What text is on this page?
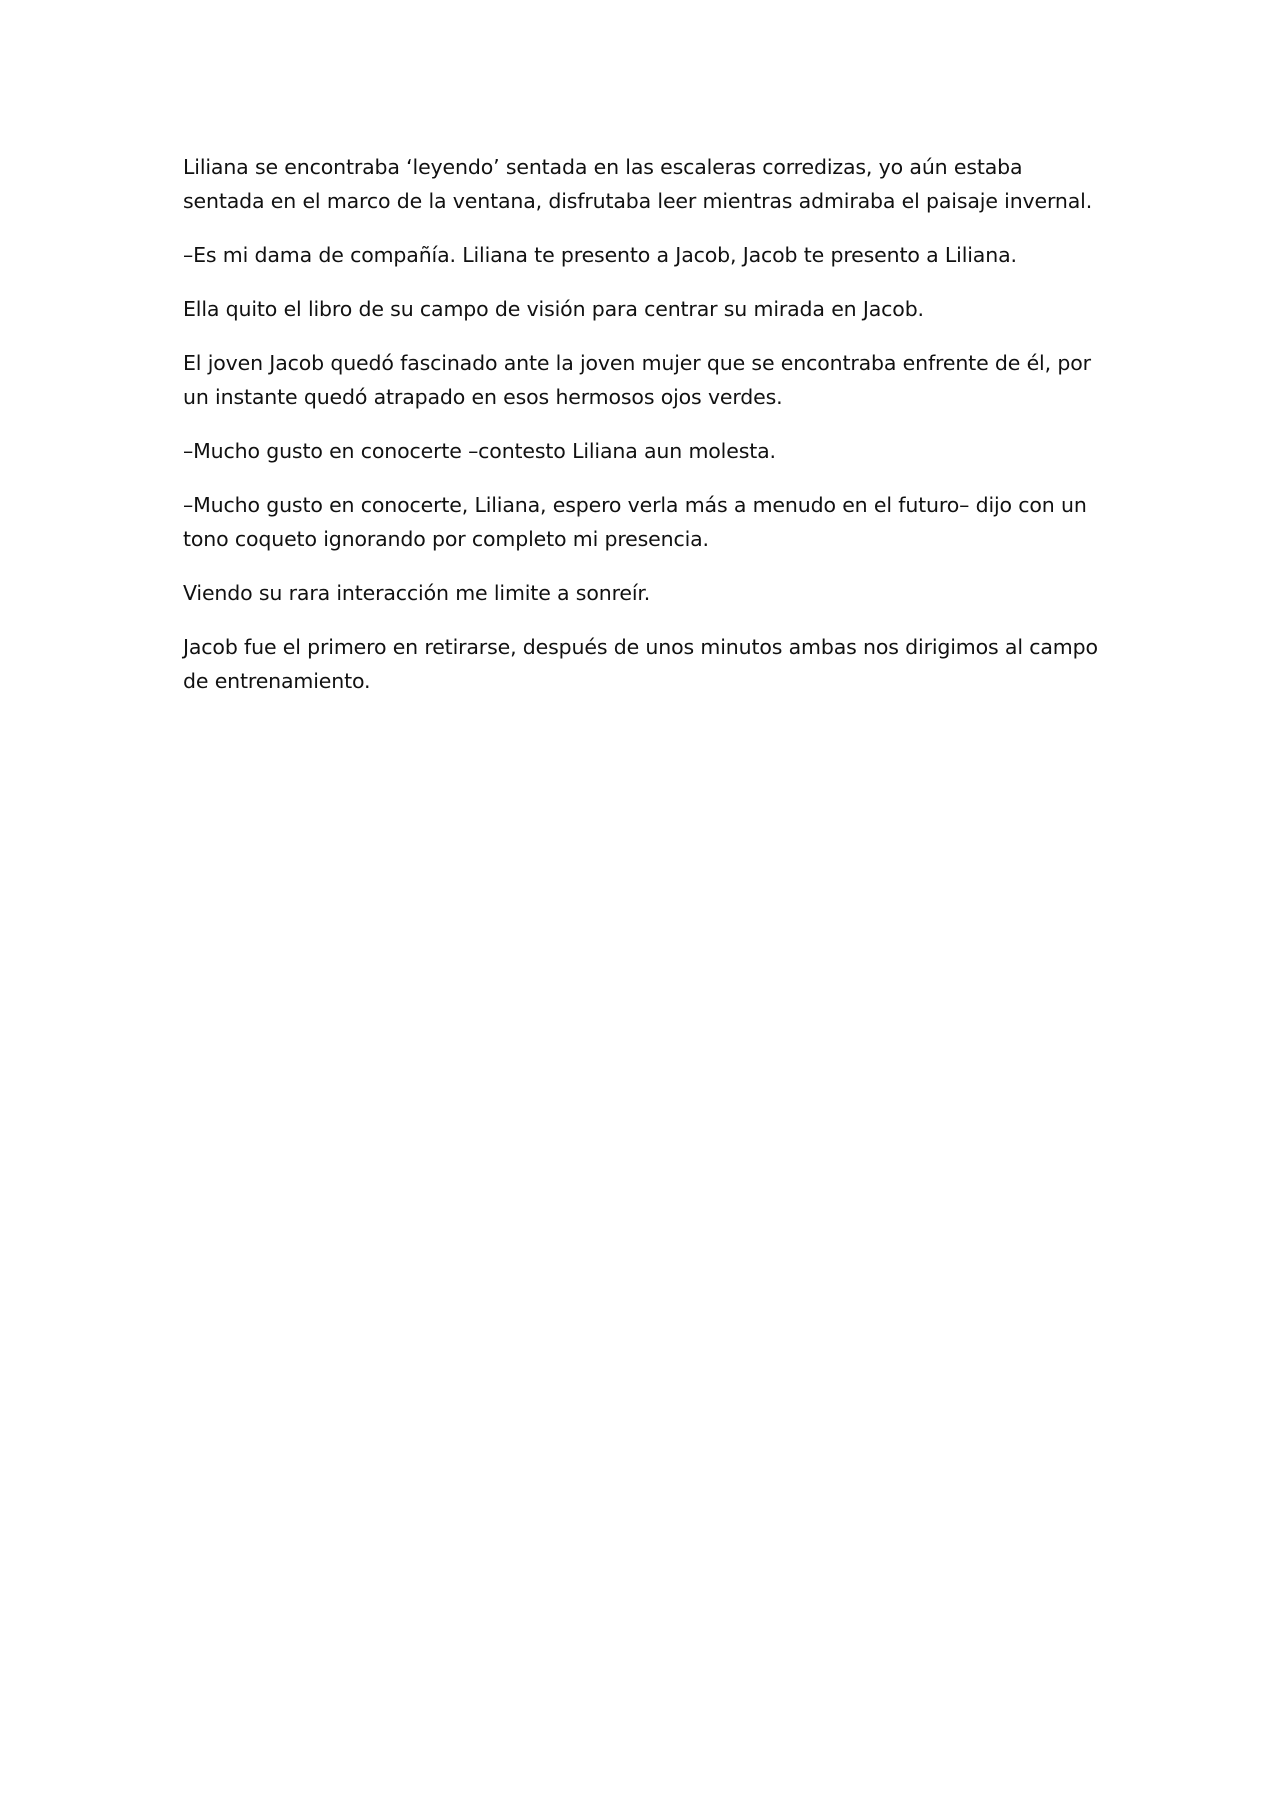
Liliana se encontraba ‘leyendo’ sentada en las escaleras corredizas, yo aún estaba sentada en el marco de la ventana, disfrutaba leer mientras admiraba el paisaje invernal.

–Es mi dama de compañía. Liliana te presento a Jacob, Jacob te presento a Liliana.

Ella quito el libro de su campo de visión para centrar su mirada en Jacob.

El joven Jacob quedó fascinado ante la joven mujer que se encontraba enfrente de él, por un instante quedó atrapado en esos hermosos ojos verdes.

–Mucho gusto en conocerte –contesto Liliana aun molesta.

–Mucho gusto en conocerte, Liliana, espero verla más a menudo en el futuro– dijo con un tono coqueto ignorando por completo mi presencia.

Viendo su rara interacción me limite a sonreír.

Jacob fue el primero en retirarse, después de unos minutos ambas nos dirigimos al campo de entrenamiento.
